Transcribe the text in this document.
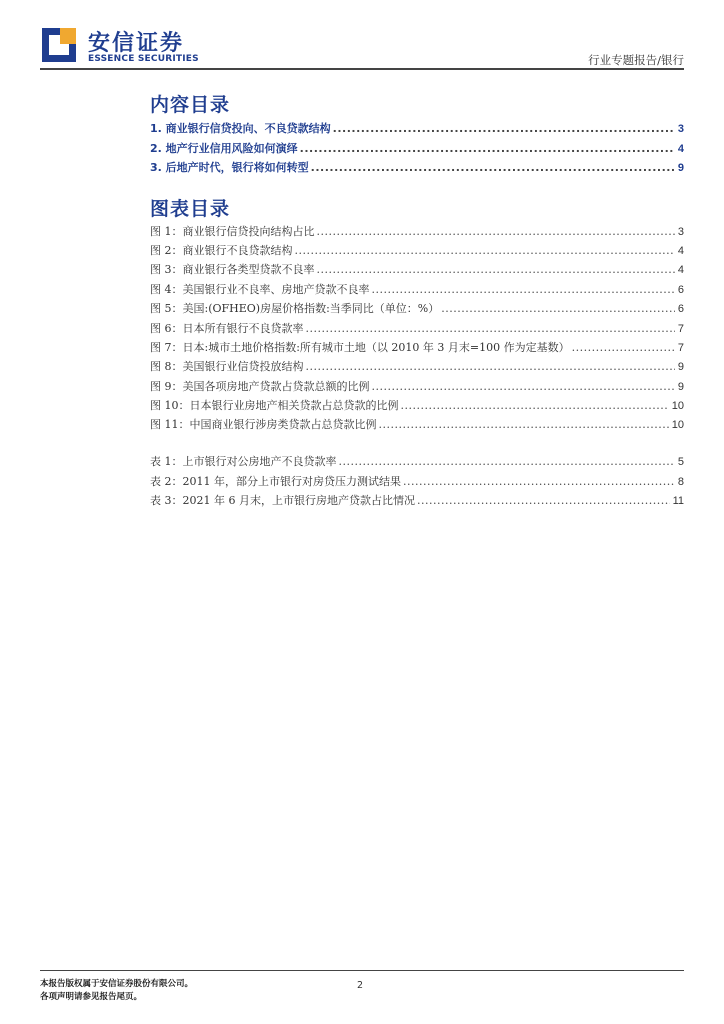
安信证券
ESSENCE SECURITIES	行业专题报告/银行
内容目录
1. 商业银行信贷投向、不良贷款结构 .....	3
2. 地产行业信用风险如何演绎 .....	4
3. 后地产时代，银行将如何转型 .....	9
图表目录
图 1：商业银行信贷投向结构占比 .....	3
图 2：商业银行不良贷款结构 .....	4
图 3：商业银行各类型贷款不良率 .....	4
图 4：美国银行业不良率、房地产贷款不良率 .....	6
图 5：美国:(OFHEO)房屋价格指数:当季同比（单位：%） .....	6
图 6：日本所有银行不良贷款率 .....	7
图 7：日本:城市土地价格指数:所有城市土地（以 2010 年 3 月末=100 作为定基数） .....	7
图 8：美国银行业信贷投放结构 .....	9
图 9：美国各项房地产贷款占贷款总额的比例 .....	9
图 10：日本银行业房地产相关贷款占总贷款的比例 .....	10
图 11：中国商业银行涉房类贷款占总贷款比例 .....	10
表 1：上市银行对公房地产不良贷款率 .....	5
表 2：2011 年，部分上市银行对房贷压力测试结果 .....	8
表 3：2021 年 6 月末，上市银行房地产贷款占比情况 .....	11
本报告版权属于安信证券股份有限公司。
各项声明请参见报告尾页。
2
